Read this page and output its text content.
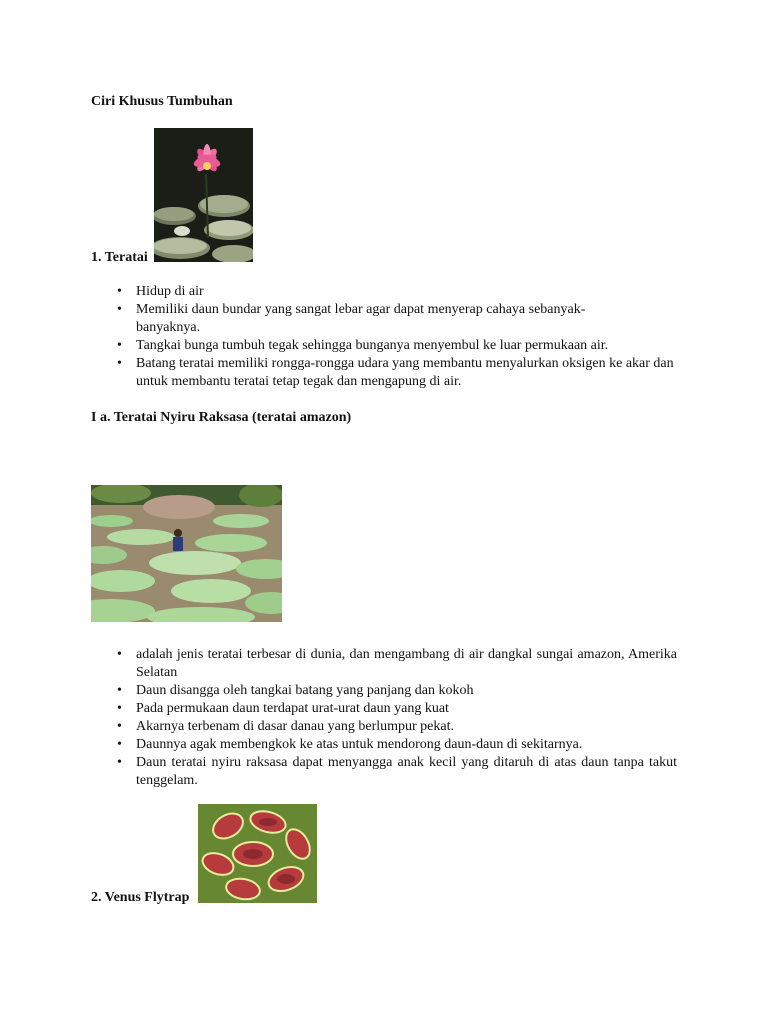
Ciri Khusus Tumbuhan
1. Teratai
• Hidup di air
• Memiliki daun bundar yang sangat lebar agar dapat menyerap cahaya sebanyak-banyaknya.
• Tangkai bunga tumbuh tegak sehingga bunganya menyembul ke luar permukaan air.
• Batang teratai memiliki rongga-rongga udara yang membantu menyalurkan oksigen ke akar dan untuk membantu teratai tetap tegak dan mengapung di air.
I a. Teratai Nyiru Raksasa (teratai amazon)
• adalah jenis teratai terbesar di dunia, dan mengambang di air dangkal sungai amazon, Amerika Selatan
• Daun disangga oleh tangkai batang yang panjang dan kokoh
• Pada permukaan daun terdapat urat-urat daun yang kuat
• Akarnya terbenam di dasar danau yang berlumpur pekat.
• Daunnya agak membengkok ke atas untuk mendorong daun-daun di sekitarnya.
• Daun teratai nyiru raksasa dapat menyangga anak kecil yang ditaruh di atas daun tanpa takut tenggelam.
2. Venus Flytrap
